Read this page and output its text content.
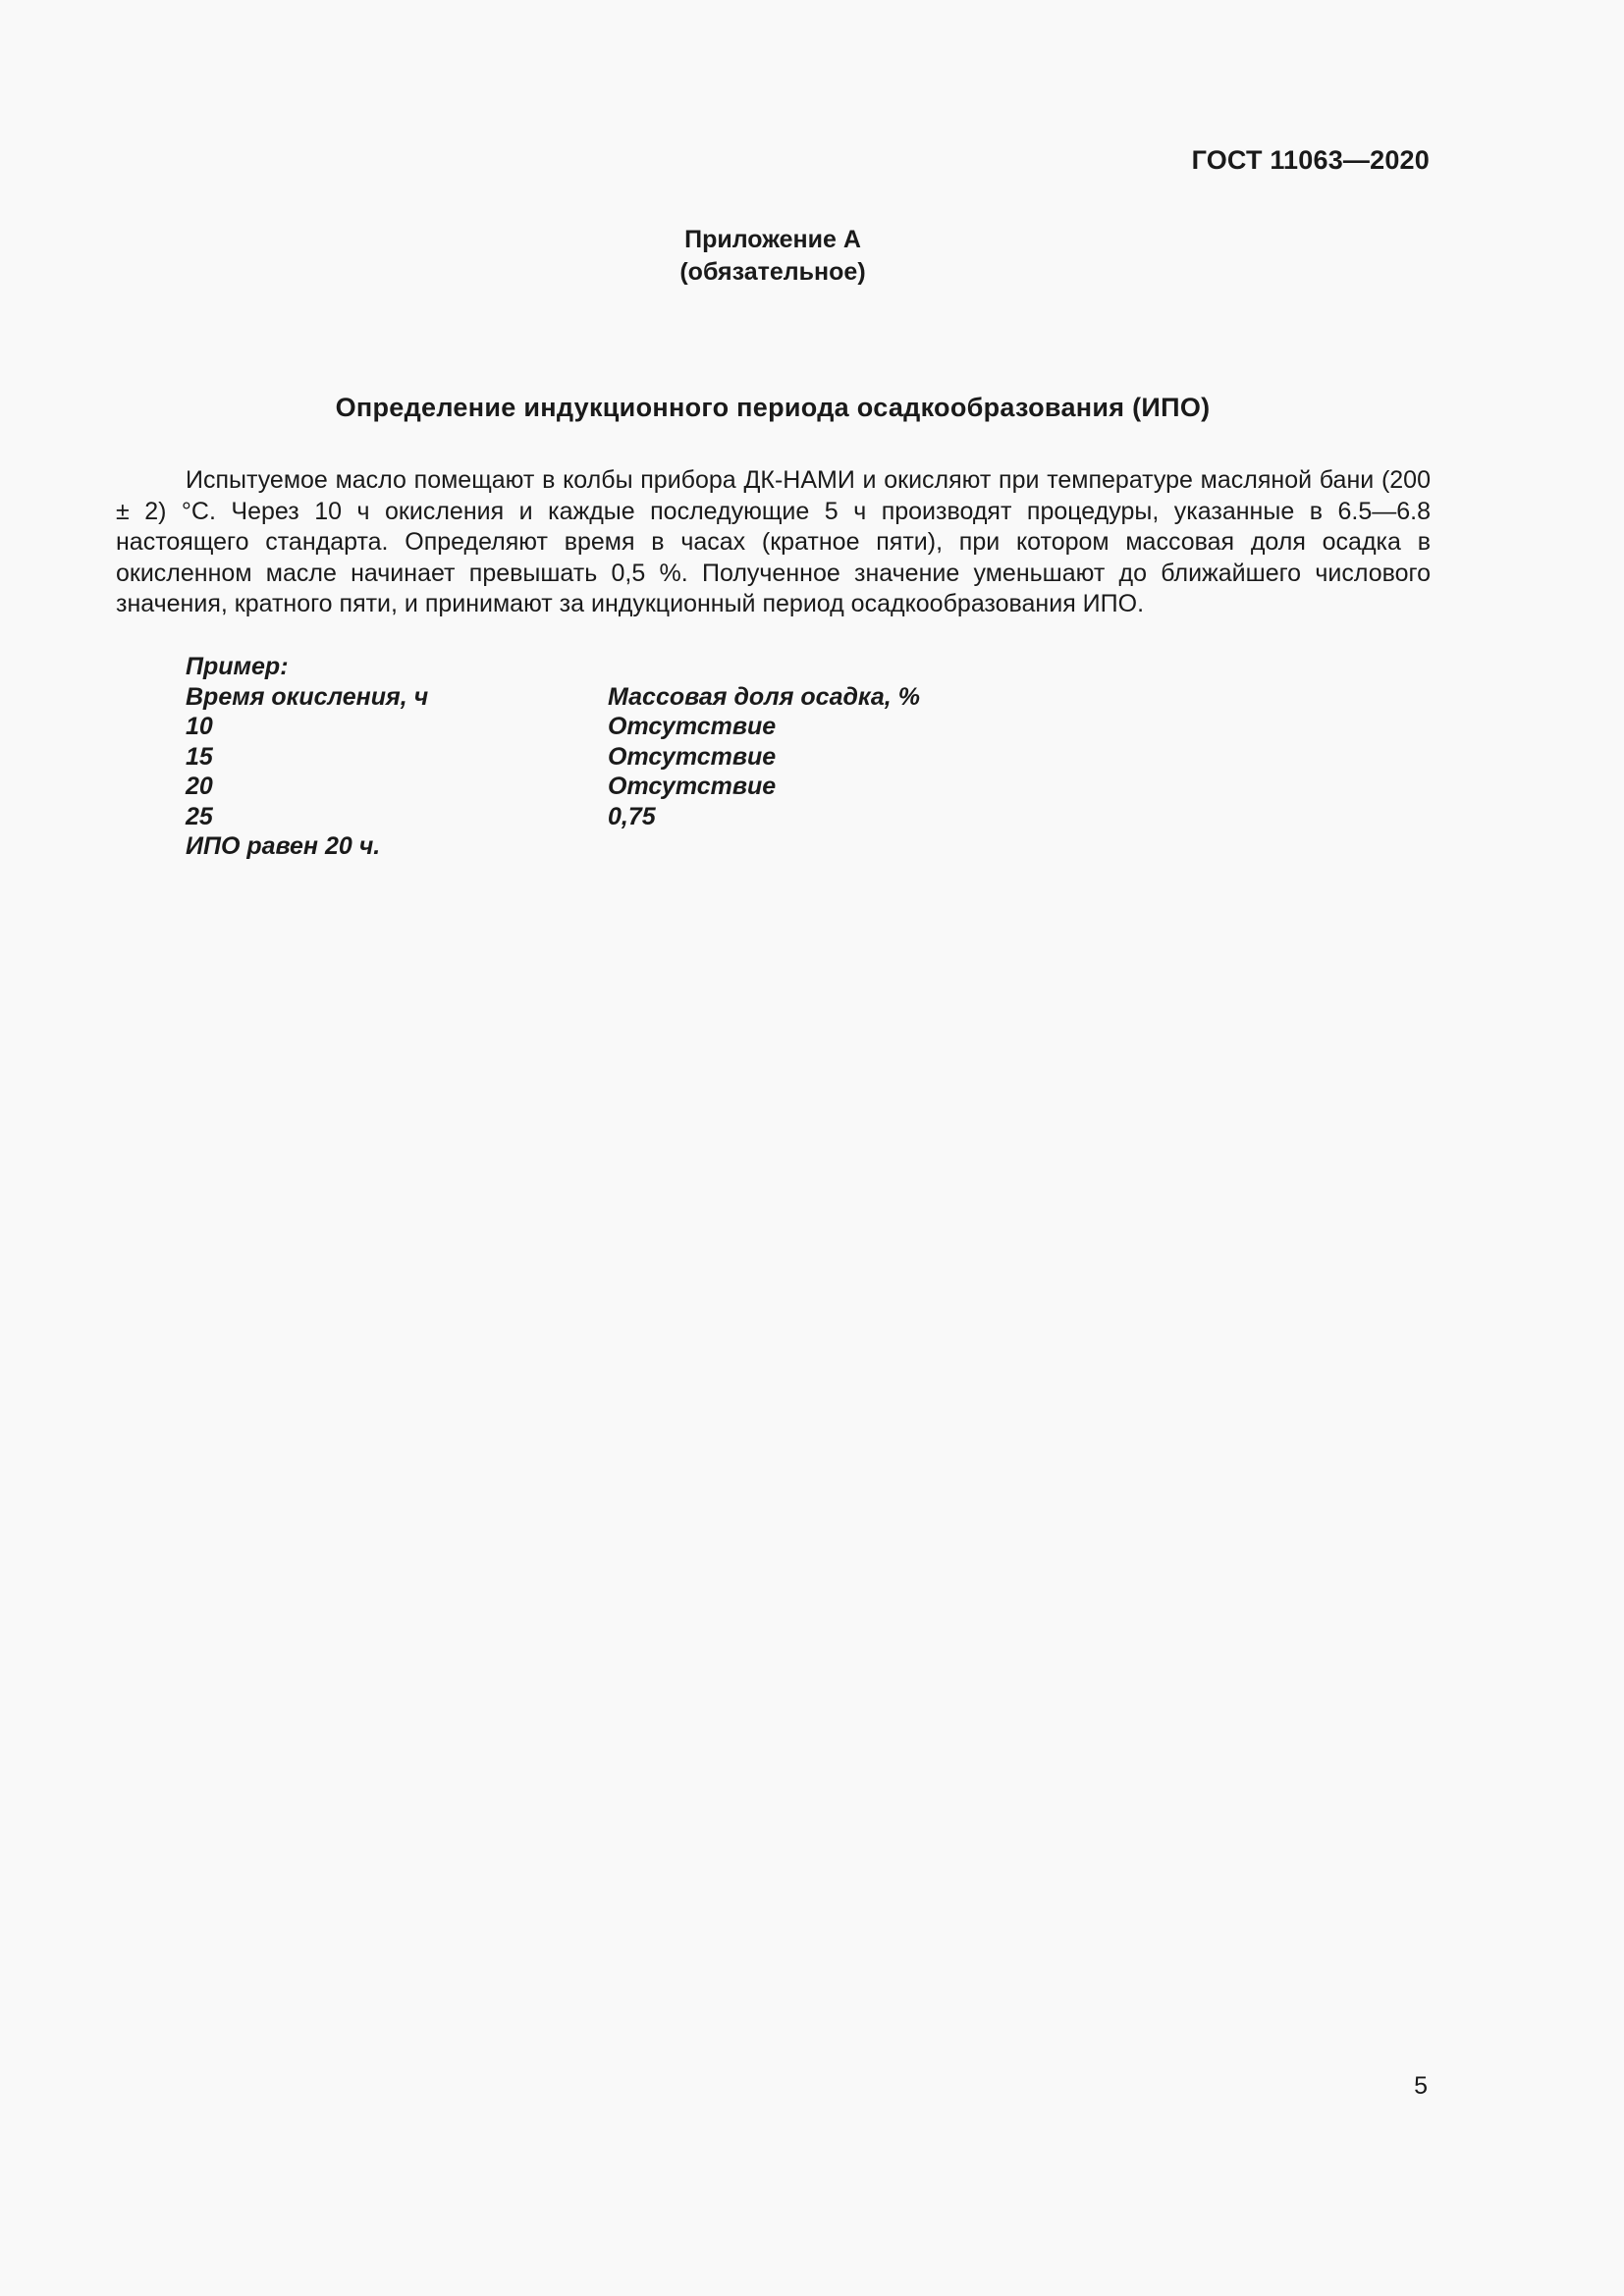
ГОСТ 11063—2020
Приложение А
(обязательное)
Определение индукционного периода осадкообразования (ИПО)

Испытуемое масло помещают в колбы прибора ДК-НАМИ и окисляют при температуре масляной бани (200 ± 2) °С. Через 10 ч окисления и каждые последующие 5 ч производят процедуры, указанные в 6.5—6.8 настоящего стандарта. Определяют время в часах (кратное пяти), при котором массовая доля осадка в окисленном масле начинает превышать 0,5 %. Полученное значение уменьшают до ближайшего числового значения, кратного пяти, и принимают за индукционный период осадкообразования ИПО.

Пример:
Время окисления, ч	Массовая доля осадка, %
10	Отсутствие
15	Отсутствие
20	Отсутствие
25	0,75
ИПО равен 20 ч.
5
